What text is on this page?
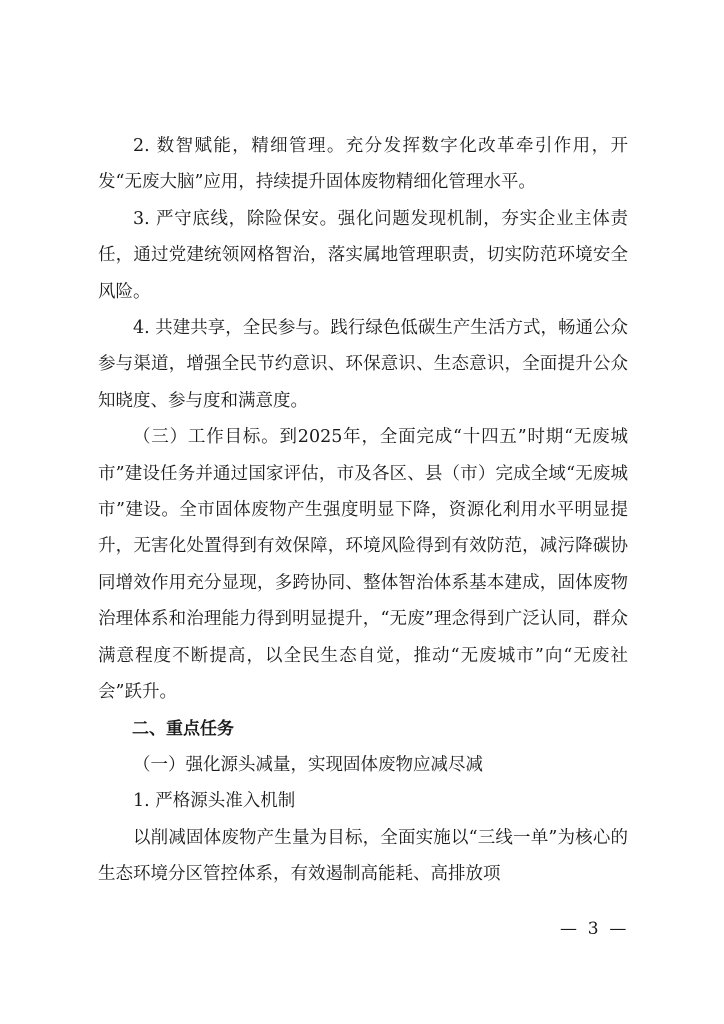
2. 数智赋能，精细管理。充分发挥数字化改革牵引作用，开发“无废大脑”应用，持续提升固体废物精细化管理水平。

3. 严守底线，除险保安。强化问题发现机制，夯实企业主体责任，通过党建统领网格智治，落实属地管理职责，切实防范环境安全风险。

4. 共建共享，全民参与。践行绿色低碳生产生活方式，畅通公众参与渠道，增强全民节约意识、环保意识、生态意识，全面提升公众知晓度、参与度和满意度。

（三）工作目标。到2025年，全面完成“十四五”时期“无废城市”建设任务并通过国家评估，市及各区、县（市）完成全域“无废城市”建设。全市固体废物产生强度明显下降，资源化利用水平明显提升，无害化处置得到有效保障，环境风险得到有效防范，减污降碳协同增效作用充分显现，多跨协同、整体智治体系基本建成，固体废物治理体系和治理能力得到明显提升，“无废”理念得到广泛认同，群众满意程度不断提高，以全民生态自觉，推动“无废城市”向“无废社会”跃升。

二、重点任务

（一）强化源头减量，实现固体废物应减尽减

1. 严格源头准入机制

以削减固体废物产生量为目标，全面实施以“三线一单”为核心的生态环境分区管控体系，有效遏制高能耗、高排放项

—  3  —
